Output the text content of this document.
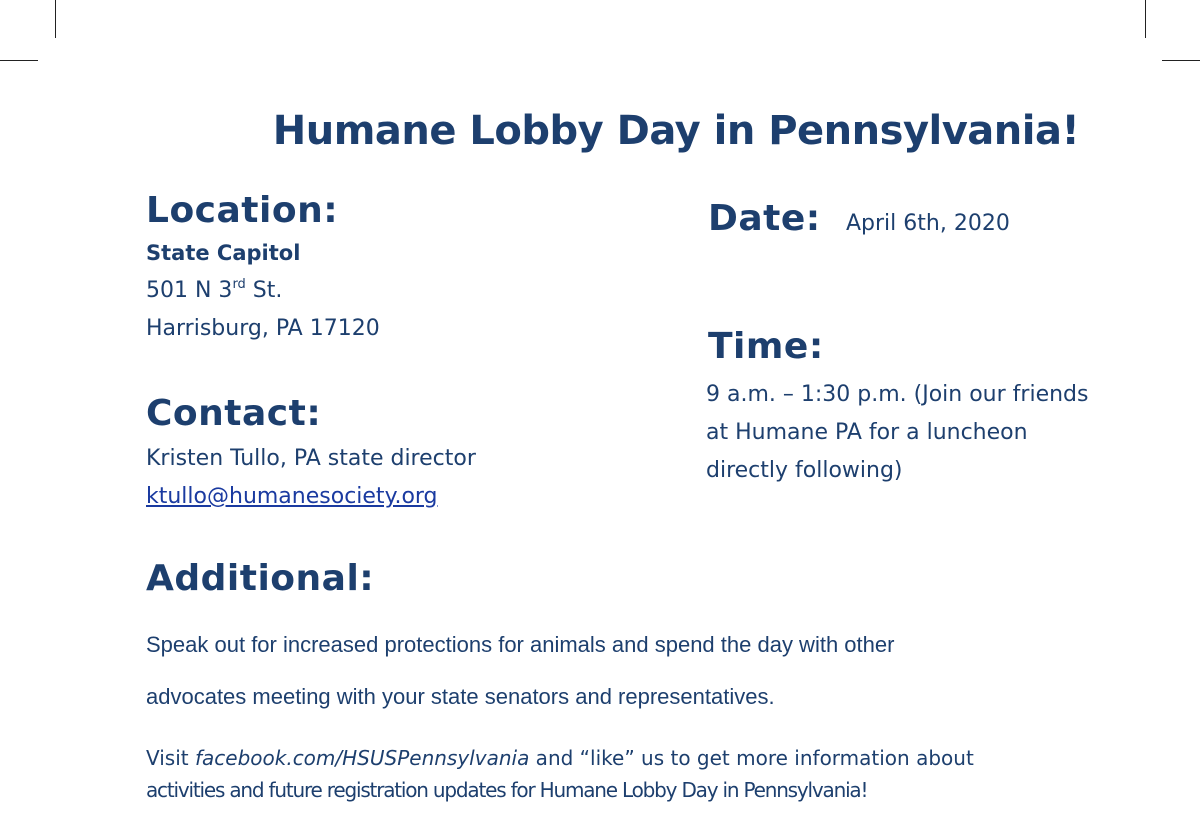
Humane Lobby Day in Pennsylvania!
Location:
State Capitol
501 N 3rd St.
Harrisburg, PA 17120
Contact:
Kristen Tullo, PA state director
ktullo@humanesociety.org
Date: April 6th, 2020
Time:
9 a.m. – 1:30 p.m. (Join our friends
at Humane PA for a luncheon
directly following)
Additional:
Speak out for increased protections for animals and spend the day with other
advocates meeting with your state senators and representatives.
Visit facebook.com/HSUSPennsylvania and “like” us to get more information about
activities and future registration updates for Humane Lobby Day in Pennsylvania!
